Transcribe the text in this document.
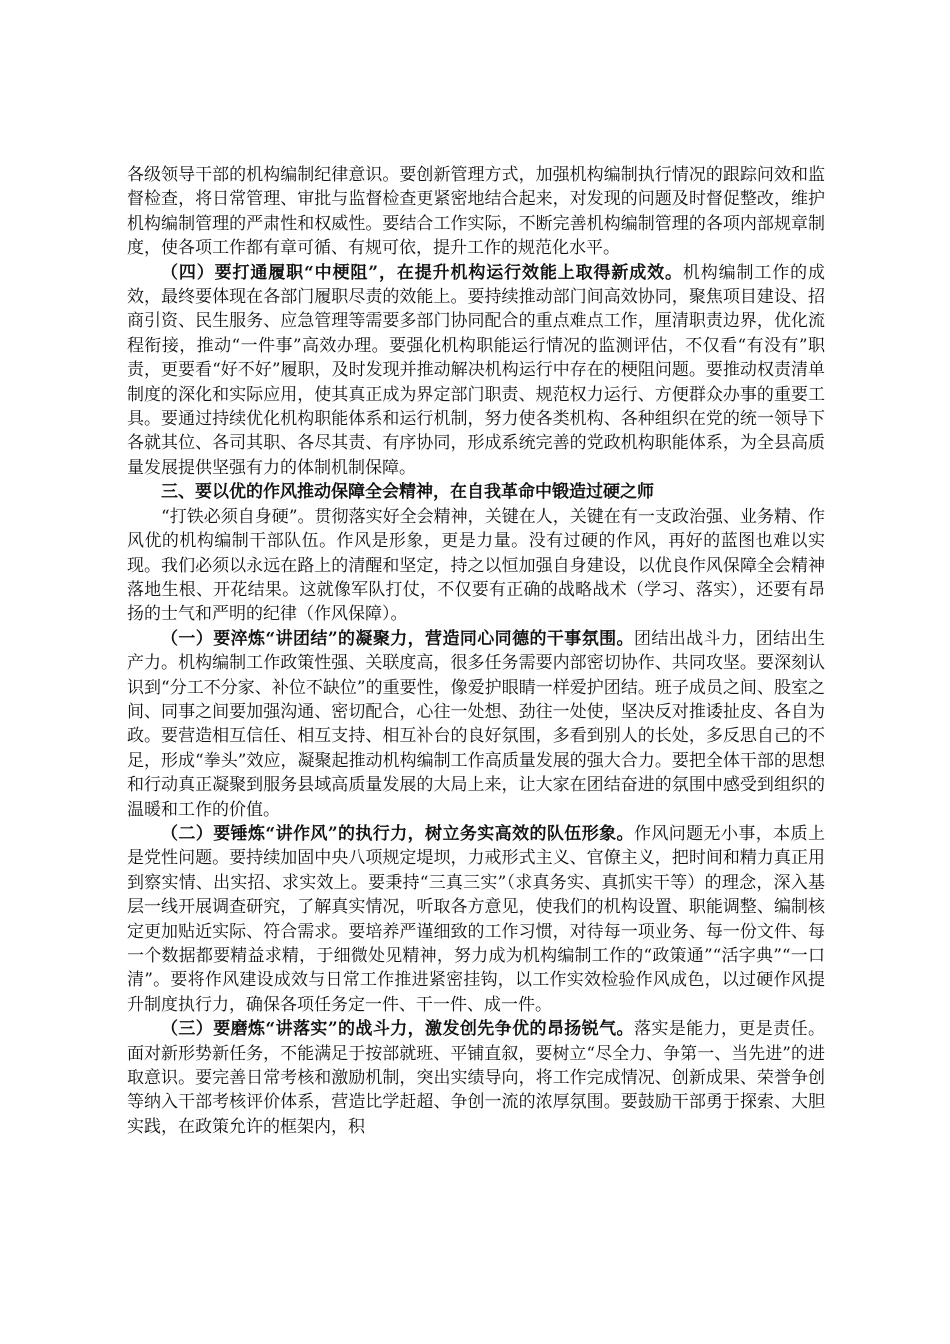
各级领导干部的机构编制纪律意识。要创新管理方式，加强机构编制执行情况的跟踪问效和监督检查，将日常管理、审批与监督检查更紧密地结合起来，对发现的问题及时督促整改，维护机构编制管理的严肃性和权威性。要结合工作实际，不断完善机构编制管理的各项内部规章制度，使各项工作都有章可循、有规可依，提升工作的规范化水平。

（四）要打通履职“中梗阻”，在提升机构运行效能上取得新成效。机构编制工作的成效，最终要体现在各部门履职尽责的效能上。要持续推动部门间高效协同，聚焦项目建设、招商引资、民生服务、应急管理等需要多部门协同配合的重点难点工作，厘清职责边界，优化流程衔接，推动“一件事”高效办理。要强化机构职能运行情况的监测评估，不仅看“有没有”职责，更要看“好不好”履职，及时发现并推动解决机构运行中存在的梗阻问题。要推动权责清单制度的深化和实际应用，使其真正成为界定部门职责、规范权力运行、方便群众办事的重要工具。要通过持续优化机构职能体系和运行机制，努力使各类机构、各种组织在党的统一领导下各就其位、各司其职、各尽其责、有序协同，形成系统完善的党政机构职能体系，为全县高质量发展提供坚强有力的体制机制保障。

三、要以优的作风推动保障全会精神，在自我革命中锻造过硬之师

“打铁必须自身硬”。贯彻落实好全会精神，关键在人，关键在有一支政治强、业务精、作风优的机构编制干部队伍。作风是形象，更是力量。没有过硬的作风，再好的蓝图也难以实现。我们必须以永远在路上的清醒和坚定，持之以恒加强自身建设，以优良作风保障全会精神落地生根、开花结果。这就像军队打仗，不仅要有正确的战略战术（学习、落实），还要有昂扬的士气和严明的纪律（作风保障）。

（一）要淬炼“讲团结”的凝聚力，营造同心同德的干事氛围。团结出战斗力，团结出生产力。机构编制工作政策性强、关联度高，很多任务需要内部密切协作、共同攻坚。要深刻认识到“分工不分家、补位不缺位”的重要性，像爱护眼睛一样爱护团结。班子成员之间、股室之间、同事之间要加强沟通、密切配合，心往一处想、劲往一处使，坚决反对推诿扯皮、各自为政。要营造相互信任、相互支持、相互补台的良好氛围，多看到别人的长处，多反思自己的不足，形成“拳头”效应，凝聚起推动机构编制工作高质量发展的强大合力。要把全体干部的思想和行动真正凝聚到服务县域高质量发展的大局上来，让大家在团结奋进的氛围中感受到组织的温暖和工作的价值。

（二）要锤炼“讲作风”的执行力，树立务实高效的队伍形象。作风问题无小事，本质上是党性问题。要持续加固中央八项规定堤坝，力戒形式主义、官僚主义，把时间和精力真正用到察实情、出实招、求实效上。要秉持“三真三实”（求真务实、真抓实干等）的理念，深入基层一线开展调查研究，了解真实情况，听取各方意见，使我们的机构设置、职能调整、编制核定更加贴近实际、符合需求。要培养严谨细致的工作习惯，对待每一项业务、每一份文件、每一个数据都要精益求精，于细微处见精神，努力成为机构编制工作的“政策通”“活字典”“一口清”。要将作风建设成效与日常工作推进紧密挂钩，以工作实效检验作风成色，以过硬作风提升制度执行力，确保各项任务定一件、干一件、成一件。

（三）要磨炼“讲落实”的战斗力，激发创先争优的昂扬锐气。落实是能力，更是责任。面对新形势新任务，不能满足于按部就班、平铺直叙，要树立“尽全力、争第一、当先进”的进取意识。要完善日常考核和激励机制，突出实绩导向，将工作完成情况、创新成果、荣誉争创等纳入干部考核评价体系，营造比学赶超、争创一流的浓厚氛围。要鼓励干部勇于探索、大胆实践，在政策允许的框架内，积
